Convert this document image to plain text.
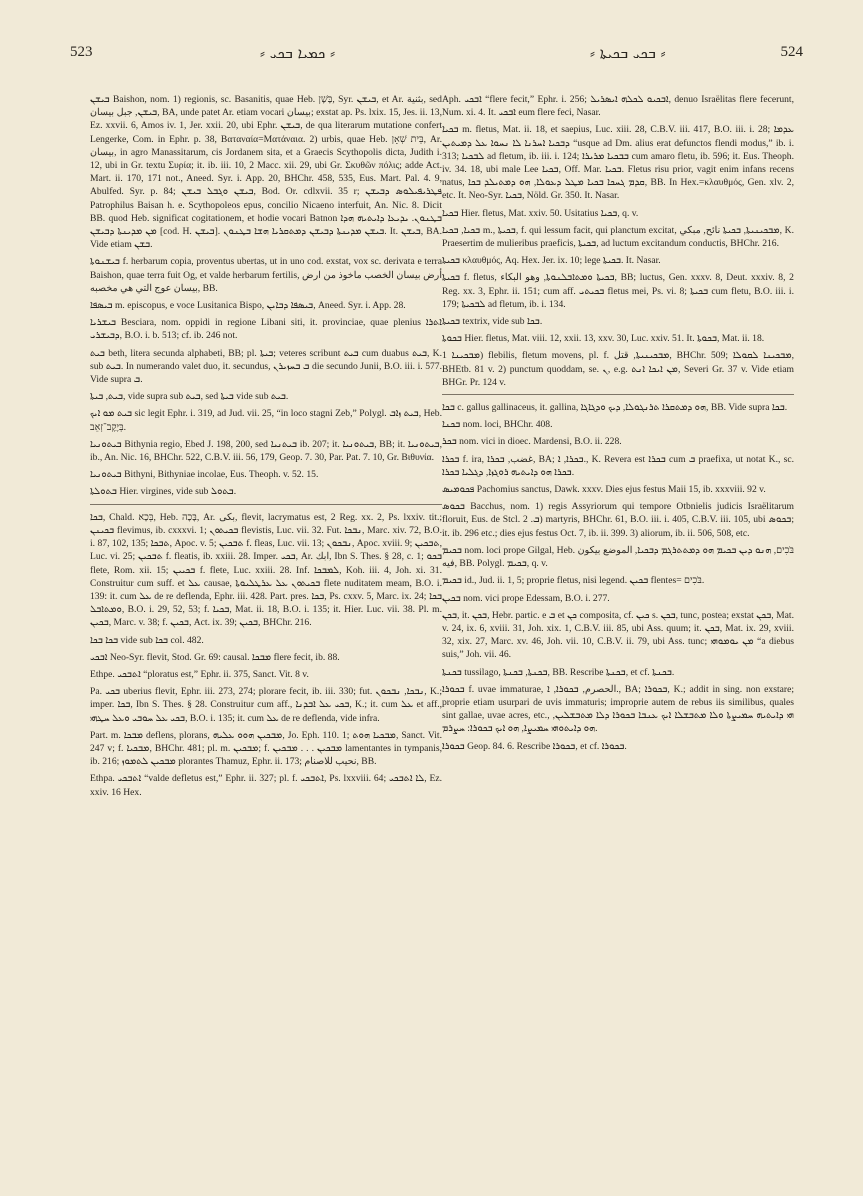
523	⸗ ܟܡܝܐ ܒܟܝ ⸗	⸗ ܒܟܝ ܒܟܝܬܐ ⸗	524

ܒܝܫܢ Baishon, nom. 1) regionis, sc. Basanitis, quae Heb. בָּשָׁן, Syr. ܒܝܫܢ, et Ar. بثنية, sed ܒܝܫܢ, جبل بيسان, BA, unde patet Ar. etiam vocari بيسان; exstat ap. Ps. lxix. 15, Jes. ii. 13, Ez. xxvii. 6, Amos iv. 1, Jer. xxii. 20, ubi Ephr. ܒܝܫܢ, de qua literarum mutatione confert Lengerke, Com. in Ephr. p. 38, Βαταναία=Ματάναια. 2) urbis, quae Heb. בֵּית שְׁאָן, Ar. بيسان, in agro Manassitarum, cis Jordanem sita, et a Graecis Scythopolis dicta, Judith i. 12, ubi in Gr. textu Συρία; it. ib. iii. 10, 2 Macc. xii. 29, ubi Gr. Σκυθῶν πόλις; adde Act. Mart. ii. 170, 171 not., Aneed. Syr. i. App. 20, BHChr. 458, 535, Eus. Mart. Pal. 4. 9, Abulfed. Syr. p. 84; ܒܝܫܢ ܘܓܒܠ ܒܝܫܢ, Bod. Or. cdlxvii. 35 r; ܦܛܪܝܦܝܠܘܣ ܕܒܝܫܢ Patrophilus Baisan h. e. Scythopoleos epus, concilio Nicaeno interfuit, An. Nic. 8. Dicit BB. quod Heb. significat cogitationem, et hodie vocari Batnon ܒܛܢܘܢ. ܝܕܝܥܐ ܕܐܝܬܝܗ ܗܕܐ ܡܢ ܡܕܝܢܬܐ ܕܒܝܫܢ [cod. H. ܒܝܫܢ]. ܒܝܫܢ ܡܕܝܢܬܐ ܕܒܝܫܢ ܕܡܬܩܪܝܐ ܗܫܐ ܒܛܢܘܢ. It. ܒܝܫܢ, BA. Vide etiam ܒܫܢ.

ܒܝܫܢܘܬܐ f. herbarum copia, proventus ubertas, ut in uno cod. exstat, vox sc. derivata e terra Baishon, quae terra fuit Og, et valde herbarum fertilis, أرض بيسان الخصب ماخوذ من ارض بيسان عوج التي هي مخصبه, BB.

ܒܝܣܦܐ m. episcopus, e voce Lusitanica Bispo, ܒܝܣܦܐ ܕܒܐܝܢ, Aneed. Syr. i. App. 28.

ܒܝܫܪܝܐ Besciara, nom. oppidi in regione Libani siti, it. provinciae, quae plenius ܐܬܪܐ ܕܒܝܫܪܝ, B.O. i. b. 513; cf. ib. 246 not.

ܒܝܬ beth, litera secunda alphabeti, BB; pl. ܒܝܬܐ; veteres scribunt ܒܝܬ cum duabus ܒܝܬ, K. sub ܒܝܬ. In numerando valet duo, it. secundus, ܒ ܒܚܙܝܪܢ die secundo Junii, B.O. iii. i. 577. Vide supra ܒ.

ܒܝܬ, ܒܝܬܐ, vide supra sub ܒܝܬ, sed ܒܝܬܐ vide sub ܒܝܬ.

ܒܝܬ ܡܘ ܐܝܟ sic legit Ephr. i. 319, ad Jud. vii. 25, “in loco stagni Zeb,” Polygl. ܒܝܬ ܙܐܒ, Heb. בְּיֶקֶב־זְאֵב.

ܒܝܬܘܢܝܐ Bithynia regio, Ebed J. 198, 200, sed ܒܝܬܢܝܐ ib. 207; it. ܒܝܬܘܢܝܐ, BB; it. ܒܝܬܘܢܝܐ, ib., An. Nic. 16, BHChr. 522, C.B.V. iii. 56, 179, Geop. 7. 30, Par. Pat. 7. 10, Gr. Βιθυνία.

ܒܝܬܘܢܝܐ Bithyni, Bithyniae incolae, Eus. Theoph. v. 52. 15.

ܒܬܘܠܬܐ Hier. virgines, vide sub ܒܬܘܠ.

ܒܟܐ, Chald. בְּכָא, Heb. בָּכָה, Ar. بكى, flevit, lacrymatus est, 2 Reg. xx. 2, Ps. lxxiv. tit.; ܒܟܝܢܢ flevimus, ib. cxxxvi. 1; ܒܟܝܬܘܢ flevistis, Luc. vii. 32. Fut. ܢܒܟܐ, Marc. xiv. 72, B.O. i. 87, 102, 135; ܬܒܟܐ, Apoc. v. 5; ܬܒܟܝܢ f. fleas, Luc. vii. 13; ܢܒܟܘܢ, Apoc. xviii. 9; ܬܒܟܝܢ, Luc. vi. 25; ܬܒܟܝܢ f. fleatis, ib. xxiii. 28. Imper. ܒܟܝ, Ar. ابك, Ibn S. Thes. § 28, c. 1; ܒܟܘ flete, Rom. xii. 15; ܒܟܝܝܢ f. flete, Luc. xxiii. 28. Inf. ܠܡܒܟܐ, Koh. iii. 4, Joh. xi. 31. Construitur cum suff. et ܥܠ causae, ܒܟܝܬܘܢ ܥܠ ܥܪܛܠܝܘܬܐ flete nuditatem meam, B.O. i. 139: it. cum ܥܠ de re deflenda, Ephr. iii. 428. Part. pres. ܒܟܐ, Ps. cxxv. 5, Marc. ix. 24; ܒܟܐ ܘܡܬܐܒܠ, B.O. i. 29, 52, 53; f. ܒܟܝܐ, Mat. ii. 18, B.O. i. 135; it. Hier. Luc. vii. 38. Pl. m. ܒܟܝܢ, Marc. v. 38; f. ܒܟܝܢ, Act. ix. 39; ܒܟܝܢ, BHChr. 216.

ܒܟܐ ܒܟܐ vide sub ܒܟܐ col. 482.

ܐܒܟܝ Neo-Syr. flevit, Stod. Gr. 69: causal. ܡܒܟܐ flere fecit, ib. 88.

Ethpe. ܐܬܒܟܝ “ploratus est,” Ephr. ii. 375, Sanct. Vit. 8 v.

Pa. ܒܟܝ uberius flevit, Ephr. iii. 273, 274; plorare fecit, ib. iii. 330; fut. ܢܒܟܐ, ܢܒܟܘܢ, K.; imper. ܒܟܐ, Ibn S. Thes. § 28. Construitur cum aff., ܒܟܝ ܥܠ ܐܒܕܢܐ, K.; it. cum ܥܠ et aff., ܒܟܝ ܥܠ ܚܘܒܝ ܘܥܠ ܚܛܗܝ, B.O. i. 135; it. cum ܥܠ de re deflenda, vide infra.

Part. m. ܡܒܟܐ deflens, plorans, ܡܒܟܝܢ ܗܘܘ ܥܠܝܗ, Jo. Eph. 110. 1; ܡܒܟܝܐ ܗܘܬ, Sanct. Vit. 247 v; f. ܡܒܟܝܐ, BHChr. 481; pl. m. ܡܒܟܝܢ; f. ܡܒܟܝܢ . . . ܡܒܟܝܢ lamentantes in tympanis, ib. 216; ܡܒܟܝܢ ܠܬܡܘܙ plorantes Thamuz, Ephr. ii. 173; نحيب للاصنام, BB.

Ethpa. ܐܬܒܟܝ “valde defletus est,” Ephr. ii. 327; pl. f. ܐܬܒܟܝ, Ps. lxxviii. 64; ܠܐ ܐܬܒܟܝ, Ez. xxiv. 16 Hex.

Aph. ܐܒܟܝ “flere fecit,” Ephr. i. 256; ܐܒܟܝܘ ܠܟܠܗ ܐܝܣܪܝܠ, denuo Israëlitas flere fecerunt, Num. xi. 4. It. ܐܒܟܝ eum flere feci, Nasar.

ܒܟܝܐ m. fletus, Mat. ii. 18, et saepius, Luc. xiii. 28, C.B.V. iii. 417, B.O. iii. i. 28; ܥܕܡܐ ܕܒܟܝܐ ܐܚܪܢܐ ܠܐ ܢܚܘܐ ܥܠ ܕܡܝܬܝܢ “usque ad Dm. alius erat defunctos flendi modus,” ib. i. 313; ܠܒܟܝܐ ad fletum, ib. iii. i. 124; ܒܒܟܝܐ ܡܪܝܪܐ cum amaro fletu, ib. 596; it. Eus. Theoph. iv. 34. 18, ubi male Lee ܒܟܝܐ, Off. Mar. ܒܟܝܐ. Fletus risu prior, vagit enim infans recens natus, ܩܕܡ ܓܚܟܐ ܒܟܝܐ ܡܛܠ ܕܥܘܠܐ, ܗܘ ܕܡܬܝܠܕ ܒܟܐ, BB. In Hex.=κλαυθμός, Gen. xlv. 2, etc. It. Neo-Syr. ܒܟܝܐ, Nöld. Gr. 350. It. Nasar.

ܒܟܝܐ Hier. fletus, Mat. xxiv. 50. Usitatius ܒܟܝܐ, q. v.

ܒܟܝܐ, ܒܟܝܐ m., ܒܟܝܬܐ, f. qui lessum facit, qui planctum excitat, ܡܒܟܝܢܝܬܐ, ܒܟܝܬܐ نائح, مبكي, K. Praesertim de mulieribus praeficis, ܒܟܝܬܐ, ad luctum excitandum conductis, BHChr. 216.

ܒܟܝܬܐ κλαυθμός, Aq. Hex. Jer. ix. 10; lege ܒܟܝܬܐ. It. Nasar.

ܒܟܝܬܐ f. fletus, ܒܟܝܬܐ ܘܡܬܐܒܠܢܘܬܐ, وهو البكاء, BB; luctus, Gen. xxxv. 8, Deut. xxxiv. 8, 2 Reg. xx. 3, Ephr. ii. 151; cum aff. ܒܟܝܬܝ fletus mei, Ps. vi. 8; ܒܟܝܬܐ cum fletu, B.O. iii. i. 179; ܠܒܟܝܬܐ ad fletum, ib. i. 134.

ܒܟܝܬܐ textrix, vide sub ܒܟܐ.

ܒܟܘܬܐ Hier. fletus, Mat. viii. 12, xxii. 13, xxv. 30, Luc. xxiv. 51. It. ܒܟܘܬܐ, Mat. ii. 18.

ܡܒܟܝܢܐ 1) flebilis, fletum movens, pl. f. ܡܒܟܝܢܝܬܐ, قتل, BHChr. 509; ܡܒܟܝܢܐ ܠܩܘܠܐ, BHEtb. 81 v. 2) punctum quoddam, se. ܢ, e.g. ܡܢ ܐܝܟܐ ܐܢܬ, Severi Gr. 37 v. Vide etiam BHGr. Pr. 124 v.

ܒܟܐ c. gallus gallinaceus, it. gallina, ܗܘ ܕܡܬܩܪܐ ܬܪܢܓܘܠܐ, ܕܝܟ ܘܕܓܐܓܐ, BB. Vide supra ܒܟܐ.

ܒܟܢܐ nom. loci, BHChr. 408.

ܒܟܪ nom. vici in dioec. Mardensi, B.O. ii. 228.

ܒܟܪܐ f. ira, غضب, ܒܟܪܐ, BA; ܒܟܪܐ, ܐ., K. Revera est ܒܟܪܐ cum ܒ praefixa, ut notat K., sc. ܒܟܪܐ ܗܘ ܕܐܝܬܝܗ ܪܘܓܙܐ, ܕܓܠܝܐ ܒܟܪܐ.

ܦܟܘܡܝܣ Pachomius sanctus, Dawk. xxxv. Dies ejus festus Maii 15, ib. xxxviii. 92 v.

ܒܟܘܣ Bacchus, nom. 1) regis Assyriorum qui tempore Otbnielis judicis Israëlitarum floruit, Eus. de Stcl. ܒ. 2) martyris, BHChr. 61, B.O. iii. i. 405, C.B.V. iii. 105, ubi ܒܟܘܣ; it. ib. 296 etc.; dies ejus festus Oct. 7, ib. ii. 399. 3) aliorum, ib. ii. 506, 508, etc.

ܒܟܝܡ nom. loci prope Gilgal, Heb. בֹּכִים, ܗܢܘ ܕܝܢ ܒܟܝܡ ܗܘ ܕܡܬܬܪܓܡ ܕܒܟܝܐ, الموضع بيكون فيه, BB. Polygl. ܒܟܝܡ, q. v.

ܒܟܝܡ id., Jud. ii. 1, 5; proprie fletus, nisi legend. ܒܟܝܢ flentes= בֹּכִים.

ܒܟܝܢ nom. vici prope Edessam, B.O. i. 277.

ܒܟܢ, it. ܒܟܢ, Hebr. partic. e ܒ et ܟܢ composita, cf. ܟܝܢ s. ܒܟܢ, tunc, postea; exstat ܒܟܢ, Mat. v. 24, ix. 6, xviii. 31, Joh. xix. 1, C.B.V. iii. 85, ubi Ass. quum; it. ܒܟܢ, Mat. ix. 29, xviii. 32, xix. 27, Marc. xv. 46, Joh. vii. 10, C.B.V. ii. 79, ubi Ass. tunc; ܡܢ ܝܘܡܘܗܝ “a diebus suis,” Joh. vii. 46.

ܒܟܢܬܐ tussilago, ܒܟܢܬܐ, ܒܟܢܬܐ, BB. Rescribe ܒܟܢܬܐ, et cf. ܒܟܢܬܐ.

ܒܟܘܪܐ f. uvae immaturae, الحصرم, ܒܟܘܪܐ, ܐ., BA; ܒܟܘܪܐ, K.; addit in sing. non exstare; proprie etiam usurpari de uvis immaturis; improprie autem de rebus iis similibus, quales sint gallae, uvae acres, etc., ܗܝ ܕܐܝܬܝܗ ܚܡܝܨܬܐ ܘܠܐ ܡܬܒܫܠܐ ܐܝܟ ܥܢܒܐ ܒܟܘܪܐ ܕܠܐ ܡܬܒܫܠܝܢ, ܗܘ ܕܐܝܬܘܗܝ ܚܡܝܨܐ, ܗܘ ܐܝܟ ܒܟܘܪܐ: ܚܨܪܡ.

ܒܟܘܪܐ Geop. 84. 6. Rescribe ܒܟܘܪܐ, et cf. ܒܟܘܪܐ.
